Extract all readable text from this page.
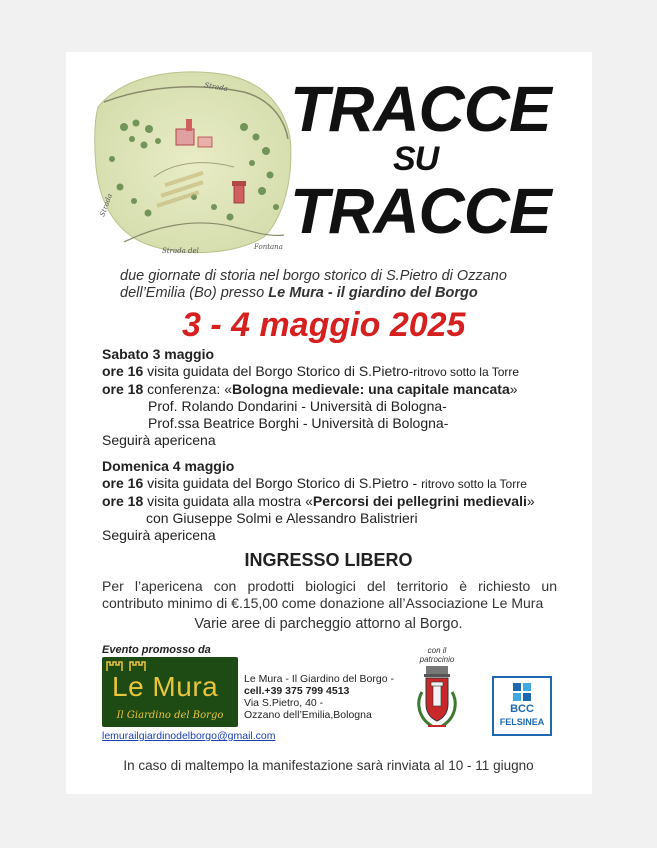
Strada
Strada
Strada del	Fontana
TRACCE
SU
TRACCE
due giornate di storia nel borgo storico di S.Pietro di Ozzano
dell’Emilia (Bo) presso Le Mura - il giardino del Borgo
3 - 4 maggio 2025
Sabato 3 maggio
ore 16 visita guidata del Borgo Storico di S.Pietro-ritrovo sotto la Torre
ore 18 conferenza: «Bologna medievale: una capitale mancata»
Prof. Rolando Dondarini - Università di Bologna-
Prof.ssa Beatrice Borghi - Università di Bologna-
Seguirà apericena
Domenica 4 maggio
ore 16 visita guidata del Borgo Storico di S.Pietro - ritrovo sotto la Torre
ore 18 visita guidata alla mostra «Percorsi dei pellegrini medievali»
con Giuseppe Solmi e Alessandro Balistrieri
Seguirà apericena
INGRESSO LIBERO
Per l’apericena con prodotti biologici del territorio è richiesto un
contributo minimo di €.15,00 come donazione all’Associazione Le Mura
Varie aree di parcheggio attorno al Borgo.
Evento promosso da
Le Mura
Il Giardino del Borgo
Le Mura - Il Giardino del Borgo -
cell.+39 375 799 4513
Via S.Pietro, 40 -
Ozzano dell’Emilia,Bologna
lemurailgiardinodelborgo@gmail.com
con il
patrocinio
BCC
FELSINEA
In caso di maltempo la manifestazione sarà rinviata al 10 - 11 giugno
